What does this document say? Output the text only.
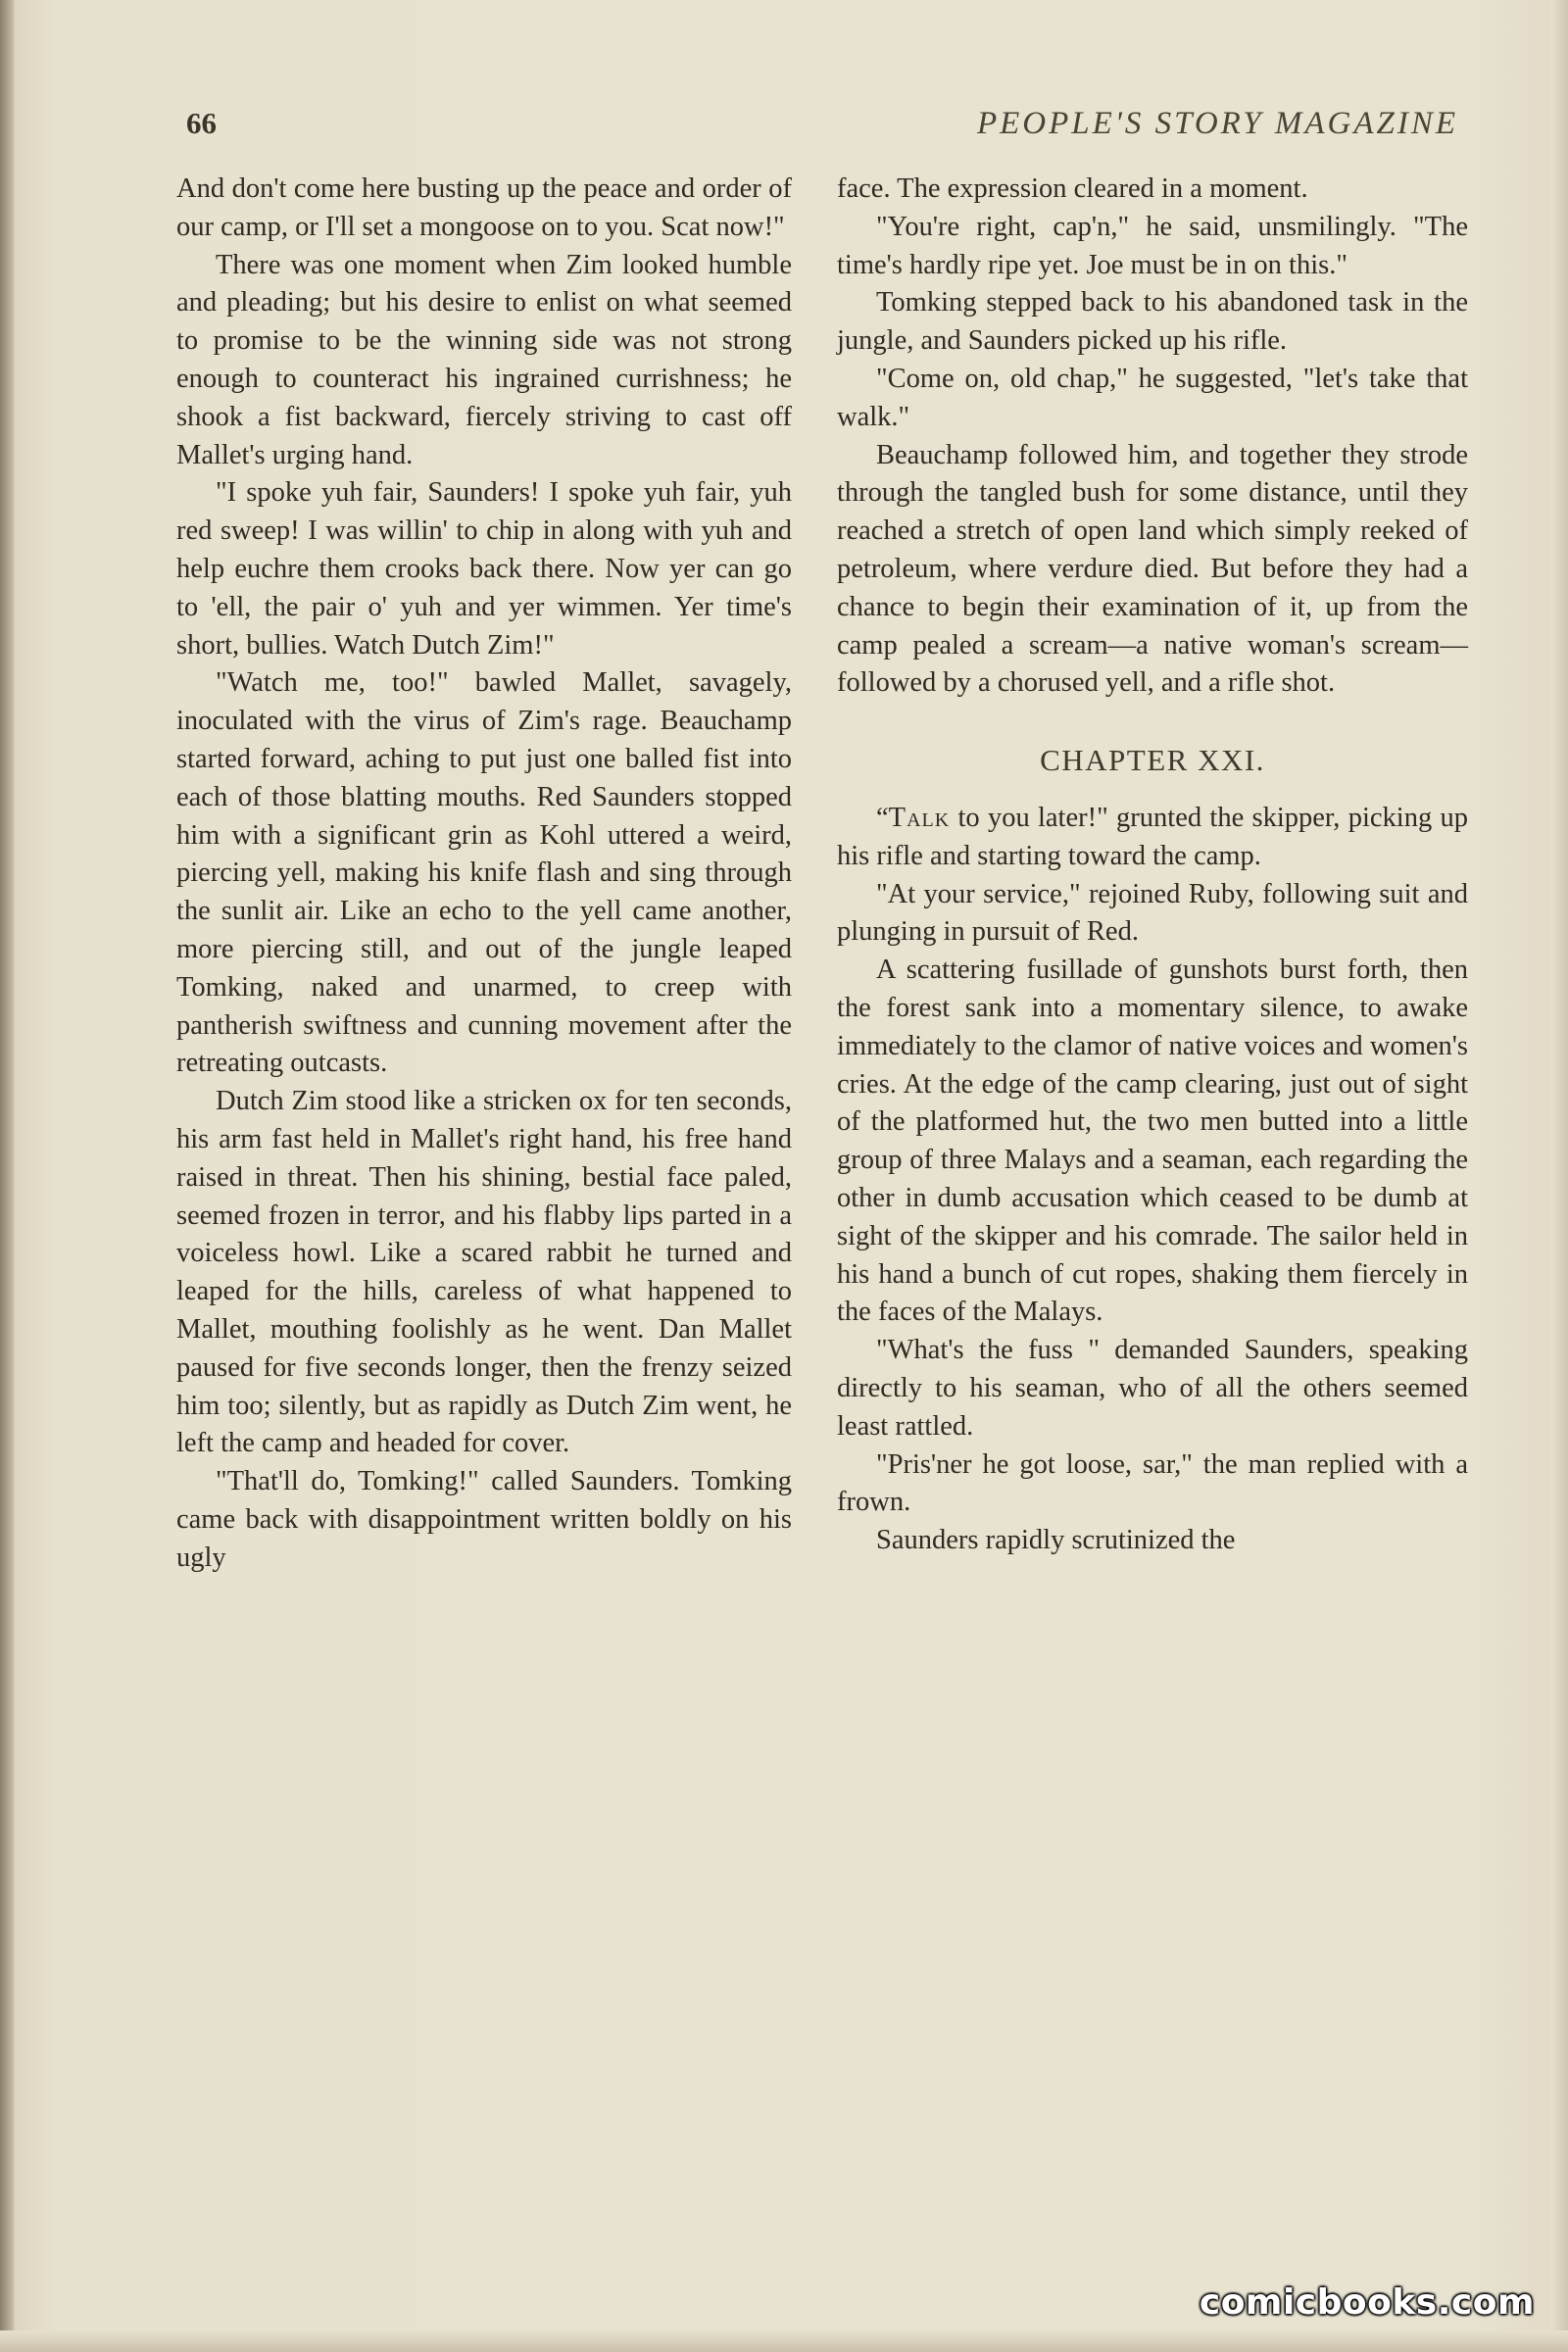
66	PEOPLE'S STORY MAGAZINE

And don't come here busting up the peace and order of our camp, or I'll set a mongoose on to you. Scat now!"

There was one moment when Zim looked humble and pleading; but his desire to enlist on what seemed to promise to be the winning side was not strong enough to counteract his ingrained currishness; he shook a fist backward, fiercely striving to cast off Mallet's urging hand.

"I spoke yuh fair, Saunders! I spoke yuh fair, yuh red sweep! I was willin' to chip in along with yuh and help euchre them crooks back there. Now yer can go to 'ell, the pair o' yuh and yer wimmen. Yer time's short, bullies. Watch Dutch Zim!"

"Watch me, too!" bawled Mallet, savagely, inoculated with the virus of Zim's rage. Beauchamp started forward, aching to put just one balled fist into each of those blatting mouths. Red Saunders stopped him with a significant grin as Kohl uttered a weird, piercing yell, making his knife flash and sing through the sunlit air. Like an echo to the yell came another, more piercing still, and out of the jungle leaped Tomking, naked and unarmed, to creep with pantherish swiftness and cunning movement after the retreating outcasts.

Dutch Zim stood like a stricken ox for ten seconds, his arm fast held in Mallet's right hand, his free hand raised in threat. Then his shining, bestial face paled, seemed frozen in terror, and his flabby lips parted in a voiceless howl. Like a scared rabbit he turned and leaped for the hills, careless of what happened to Mallet, mouthing foolishly as he went. Dan Mallet paused for five seconds longer, then the frenzy seized him too; silently, but as rapidly as Dutch Zim went, he left the camp and headed for cover.

"That'll do, Tomking!" called Saunders. Tomking came back with disappointment written boldly on his ugly

face. The expression cleared in a moment.

"You're right, cap'n," he said, unsmilingly. "The time's hardly ripe yet. Joe must be in on this."

Tomking stepped back to his abandoned task in the jungle, and Saunders picked up his rifle.

"Come on, old chap," he suggested, "let's take that walk."

Beauchamp followed him, and together they strode through the tangled bush for some distance, until they reached a stretch of open land which simply reeked of petroleum, where verdure died. But before they had a chance to begin their examination of it, up from the camp pealed a scream—a native woman's scream—followed by a chorused yell, and a rifle shot.

CHAPTER XXI.

“Talk to you later!" grunted the skipper, picking up his rifle and starting toward the camp.

"At your service," rejoined Ruby, following suit and plunging in pursuit of Red.

A scattering fusillade of gunshots burst forth, then the forest sank into a momentary silence, to awake immediately to the clamor of native voices and women's cries. At the edge of the camp clearing, just out of sight of the platformed hut, the two men butted into a little group of three Malays and a seaman, each regarding the other in dumb accusation which ceased to be dumb at sight of the skipper and his comrade. The sailor held in his hand a bunch of cut ropes, shaking them fiercely in the faces of the Malays.

"What's the fuss " demanded Saunders, speaking directly to his seaman, who of all the others seemed least rattled.

"Pris'ner he got loose, sar," the man replied with a frown.

Saunders rapidly scrutinized the

comicbooks.com
